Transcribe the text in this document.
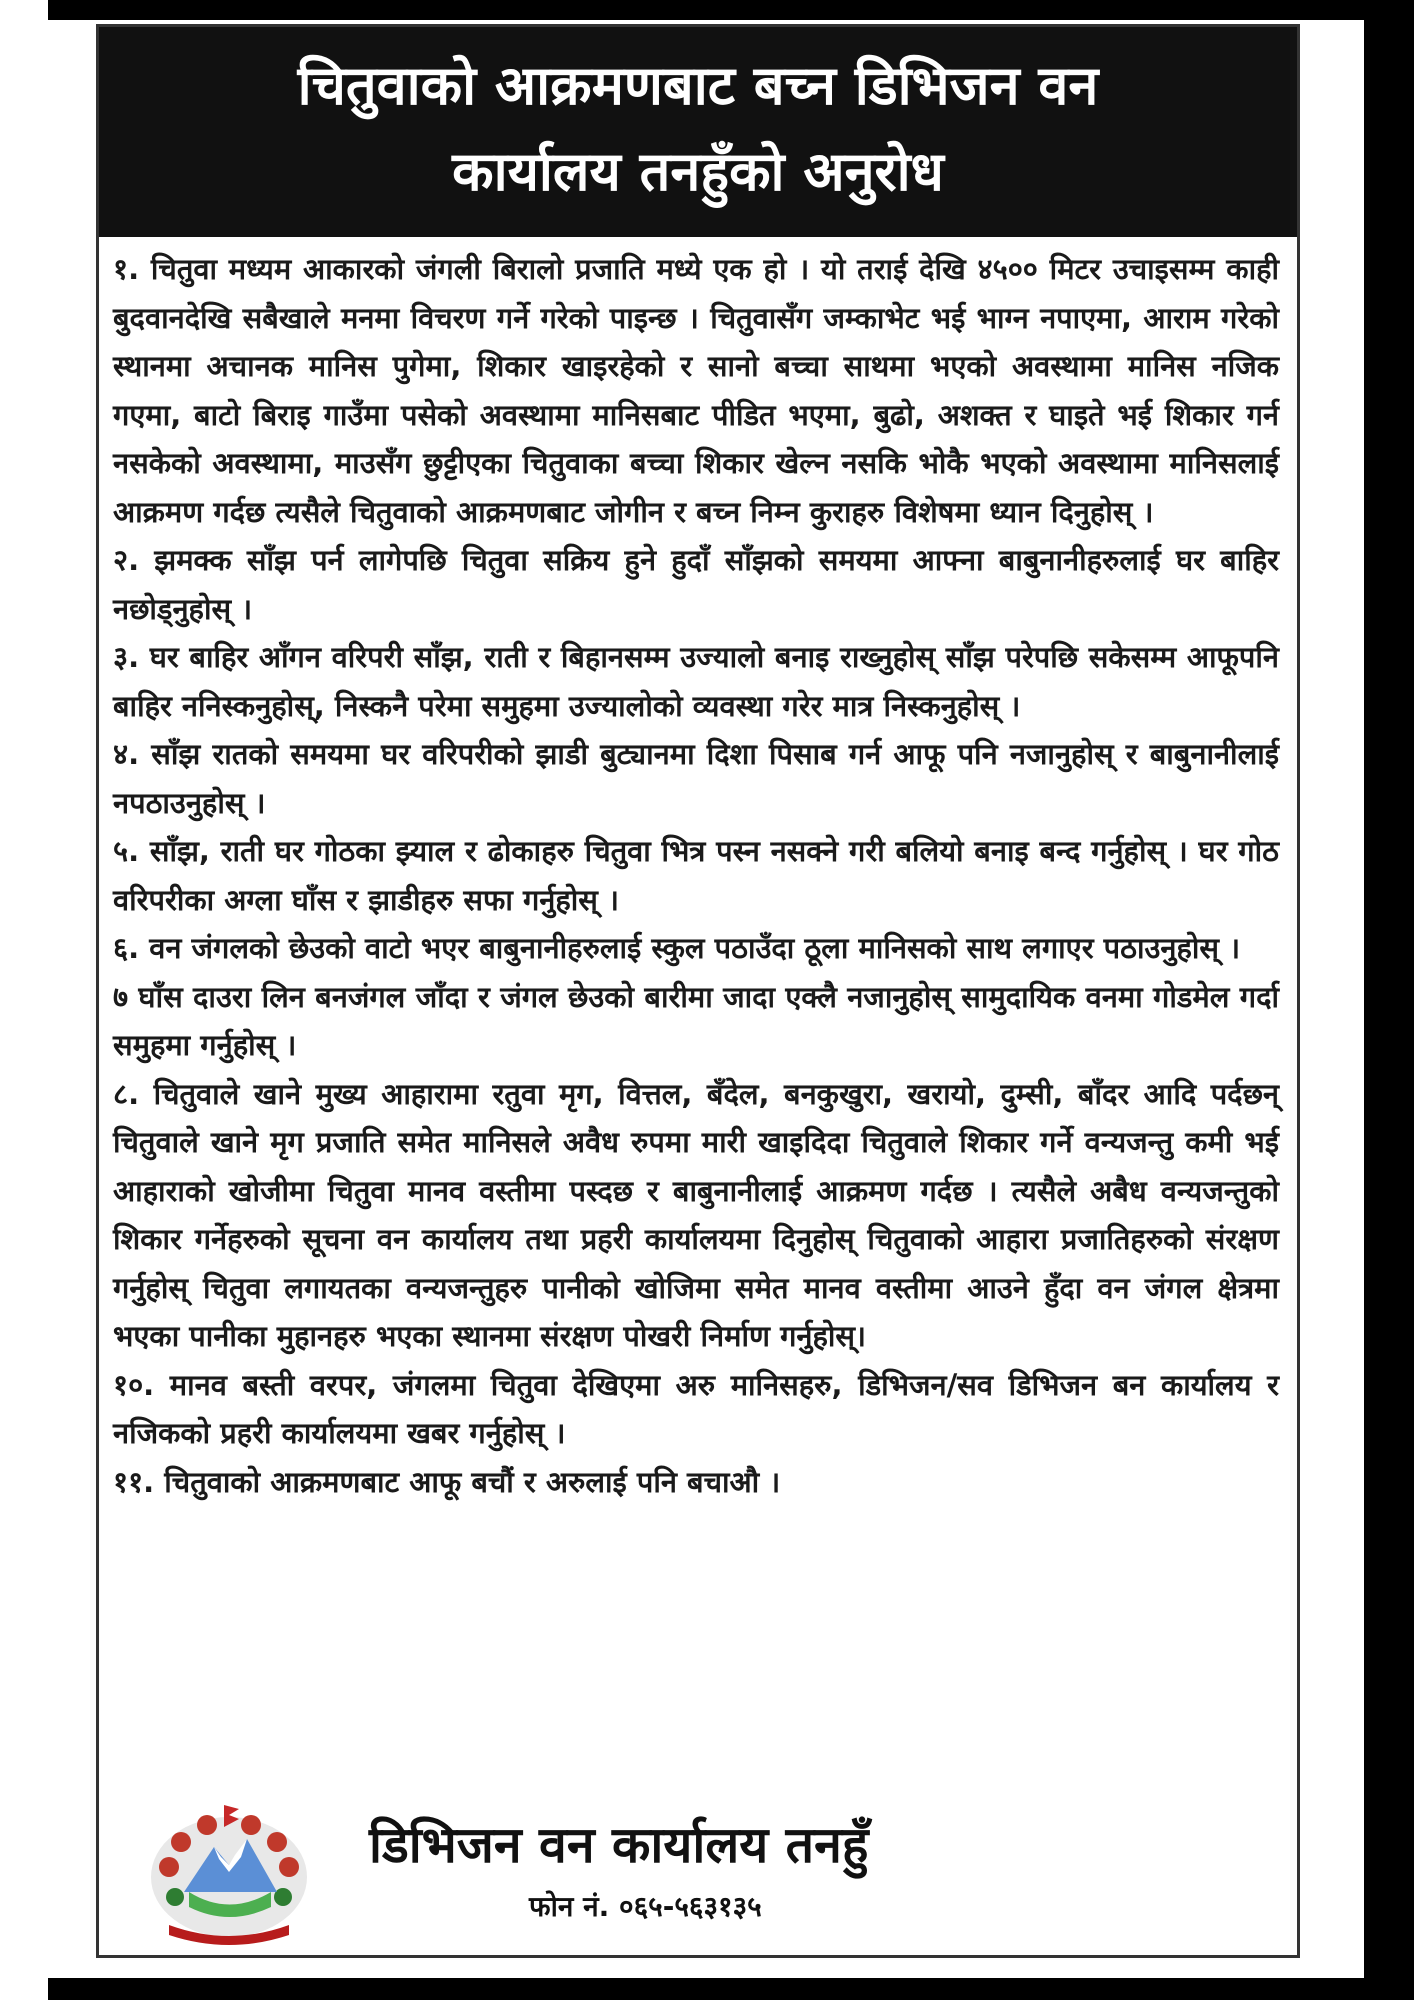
चितुवाको आक्रमणबाट बच्न डिभिजन वन
कार्यालय तनहुँको अनुरोध

१. चितुवा मध्यम आकारको जंगली बिरालो प्रजाति मध्ये एक हो । यो तराई देखि ४५०० मिटर उचाइसम्म काही बुदवानदेखि सबैखाले मनमा विचरण गर्ने गरेको पाइन्छ । चितुवासँग जम्काभेट भई भाग्न नपाएमा, आराम गरेको स्थानमा अचानक मानिस पुगेमा, शिकार खाइरहेको र सानो बच्चा साथमा भएको अवस्थामा मानिस नजिक गएमा, बाटो बिराइ गाउँमा पसेको अवस्थामा मानिसबाट पीडित भएमा, बुढो, अशक्त र घाइते भई शिकार गर्न नसकेको अवस्थामा, माउसँग छुट्टीएका चितुवाका बच्चा शिकार खेल्न नसकि भोकै भएको अवस्थामा मानिसलाई आक्रमण गर्दछ त्यसैले चितुवाको आक्रमणबाट जोगीन र बच्न निम्न कुराहरु विशेषमा ध्यान दिनुहोस् ।

२. झमक्क साँझ पर्न लागेपछि चितुवा सक्रिय हुने हुदाँ साँझको समयमा आफ्ना बाबुनानीहरुलाई घर बाहिर नछोड्नुहोस् ।

३. घर बाहिर आँगन वरिपरी साँझ, राती र बिहानसम्म उज्यालो बनाइ राख्नुहोस् साँझ परेपछि सकेसम्म आफूपनि बाहिर ननिस्कनुहोस्, निस्कनै परेमा समुहमा उज्यालोको व्यवस्था गरेर मात्र निस्कनुहोस् ।

४. साँझ रातको समयमा घर वरिपरीको झाडी बुट्यानमा दिशा पिसाब गर्न आफू पनि नजानुहोस् र बाबुनानीलाई नपठाउनुहोस् ।

५. साँझ, राती घर गोठका झ्याल र ढोकाहरु चितुवा भित्र पस्न नसक्ने गरी बलियो बनाइ बन्द गर्नुहोस् । घर गोठ वरिपरीका अग्ला घाँस र झाडीहरु सफा गर्नुहोस् ।

६. वन जंगलको छेउको वाटो भएर बाबुनानीहरुलाई स्कुल पठाउँदा ठूला मानिसको साथ लगाएर पठाउनुहोस् ।

७ घाँस दाउरा लिन बनजंगल जाँदा र जंगल छेउको बारीमा जादा एक्लै नजानुहोस् सामुदायिक वनमा गोडमेल गर्दा समुहमा गर्नुहोस् ।

८. चितुवाले खाने मुख्य आहारामा रतुवा मृग, वित्तल, बँदेल, बनकुखुरा, खरायो, दुम्सी, बाँदर आदि पर्दछन् चितुवाले खाने मृग प्रजाति समेत मानिसले अवैध रुपमा मारी खाइदिदा चितुवाले शिकार गर्ने वन्यजन्तु कमी भई आहाराको खोजीमा चितुवा मानव वस्तीमा पस्दछ र बाबुनानीलाई आक्रमण गर्दछ । त्यसैले अबैध वन्यजन्तुको शिकार गर्नेहरुको सूचना वन कार्यालय तथा प्रहरी कार्यालयमा दिनुहोस् चितुवाको आहारा प्रजातिहरुको संरक्षण गर्नुहोस् चितुवा लगायतका वन्यजन्तुहरु पानीको खोजिमा समेत मानव वस्तीमा आउने हुँदा वन जंगल क्षेत्रमा भएका पानीका मुहानहरु भएका स्थानमा संरक्षण पोखरी निर्माण गर्नुहोस्।

१०. मानव बस्ती वरपर, जंगलमा चितुवा देखिएमा अरु मानिसहरु, डिभिजन/सव डिभिजन बन कार्यालय र नजिकको प्रहरी कार्यालयमा खबर गर्नुहोस् ।

११. चितुवाको आक्रमणबाट आफू बचौं र अरुलाई पनि बचाऔ ।

डिभिजन वन कार्यालय तनहुँ
फोन नं. ०६५-५६३१३५
